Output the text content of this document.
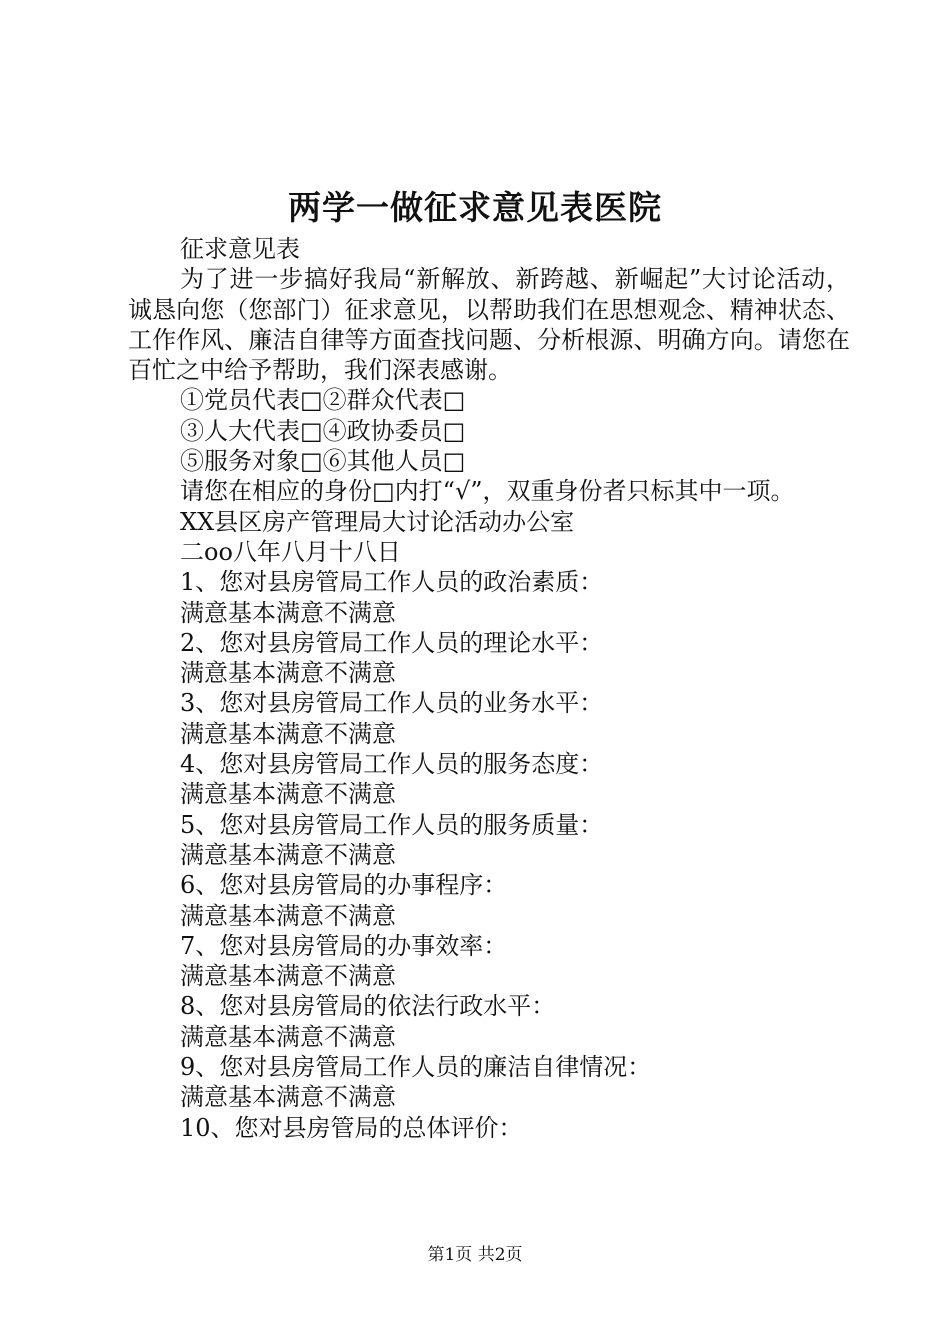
两学一做征求意见表医院

征求意见表

为了进一步搞好我局“新解放、新跨越、新崛起”大讨论活动，诚恳向您（您部门）征求意见，以帮助我们在思想观念、精神状态、工作作风、廉洁自律等方面查找问题、分析根源、明确方向。请您在百忙之中给予帮助，我们深表感谢。

①党员代表□②群众代表□

③人大代表□④政协委员□

⑤服务对象□⑥其他人员□

请您在相应的身份□内打“√”，双重身份者只标其中一项。

XX县区房产管理局大讨论活动办公室

二oo八年八月十八日

1、您对县房管局工作人员的政治素质：

满意基本满意不满意

2、您对县房管局工作人员的理论水平：

满意基本满意不满意

3、您对县房管局工作人员的业务水平：

满意基本满意不满意

4、您对县房管局工作人员的服务态度：

满意基本满意不满意

5、您对县房管局工作人员的服务质量：

满意基本满意不满意

6、您对县房管局的办事程序：

满意基本满意不满意

7、您对县房管局的办事效率：

满意基本满意不满意

8、您对县房管局的依法行政水平：

满意基本满意不满意

9、您对县房管局工作人员的廉洁自律情况：

满意基本满意不满意

10、您对县房管局的总体评价：

第1页 共2页
